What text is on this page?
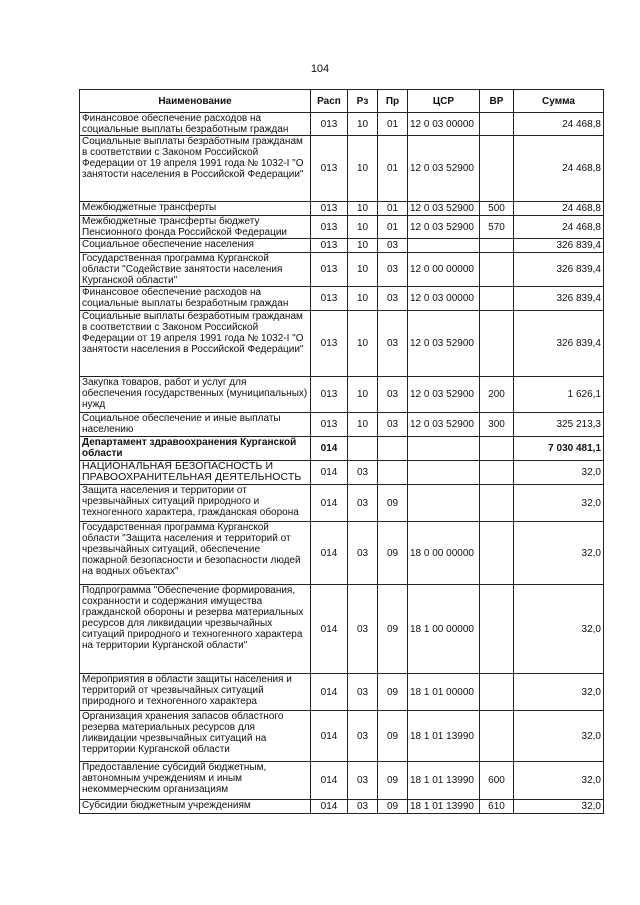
104
Наименование	Расп	Рз	Пр	ЦСР	ВР	Сумма
Финансовое обеспечение расходов на социальные выплаты безработным граждан	013	10	01	12 0 03 00000		24 468,8
Социальные выплаты безработным гражданам в соответствии с Законом Российской Федерации от 19 апреля 1991 года № 1032-I "О занятости населения в Российской Федерации"	013	10	01	12 0 03 52900		24 468,8
Межбюджетные трансферты	013	10	01	12 0 03 52900	500	24 468,8
Межбюджетные трансферты бюджету Пенсионного фонда Российской Федерации	013	10	01	12 0 03 52900	570	24 468,8
Социальное обеспечение населения	013	10	03			326 839,4
Государственная программа Курганской области "Содействие занятости населения Курганской области"	013	10	03	12 0 00 00000		326 839,4
Финансовое обеспечение расходов на социальные выплаты безработным граждан	013	10	03	12 0 03 00000		326 839,4
Социальные выплаты безработным гражданам в соответствии с Законом Российской Федерации от 19 апреля 1991 года № 1032-I "О занятости населения в Российской Федерации"	013	10	03	12 0 03 52900		326 839,4
Закупка товаров, работ и услуг для обеспечения государственных (муниципальных) нужд	013	10	03	12 0 03 52900	200	1 626,1
Социальное обеспечение и иные выплаты населению	013	10	03	12 0 03 52900	300	325 213,3
Департамент здравоохранения Курганской области	014					7 030 481,1
НАЦИОНАЛЬНАЯ БЕЗОПАСНОСТЬ И ПРАВООХРАНИТЕЛЬНАЯ ДЕЯТЕЛЬНОСТЬ	014	03				32,0
Защита населения и территории от чрезвычайных ситуаций природного и техногенного характера, гражданская оборона	014	03	09			32,0
Государственная программа Курганской области "Защита населения и территорий от чрезвычайных ситуаций, обеспечение пожарной безопасности и безопасности людей на водных объектах"	014	03	09	18 0 00 00000		32,0
Подпрограмма "Обеспечение формирования, сохранности и содержания имущества гражданской обороны и резерва материальных ресурсов для ликвидации чрезвычайных ситуаций природного и техногенного характера на территории Курганской области"	014	03	09	18 1 00 00000		32,0
Мероприятия в области защиты населения и территорий от чрезвычайных ситуаций природного и техногенного характера	014	03	09	18 1 01 00000		32,0
Организация хранения запасов областного резерва материальных ресурсов для ликвидации чрезвычайных ситуаций на территории Курганской области	014	03	09	18 1 01 13990		32,0
Предоставление субсидий бюджетным, автономным учреждениям и иным некоммерческим организациям	014	03	09	18 1 01 13990	600	32,0
Субсидии бюджетным учреждениям	014	03	09	18 1 01 13990	610	32,0
